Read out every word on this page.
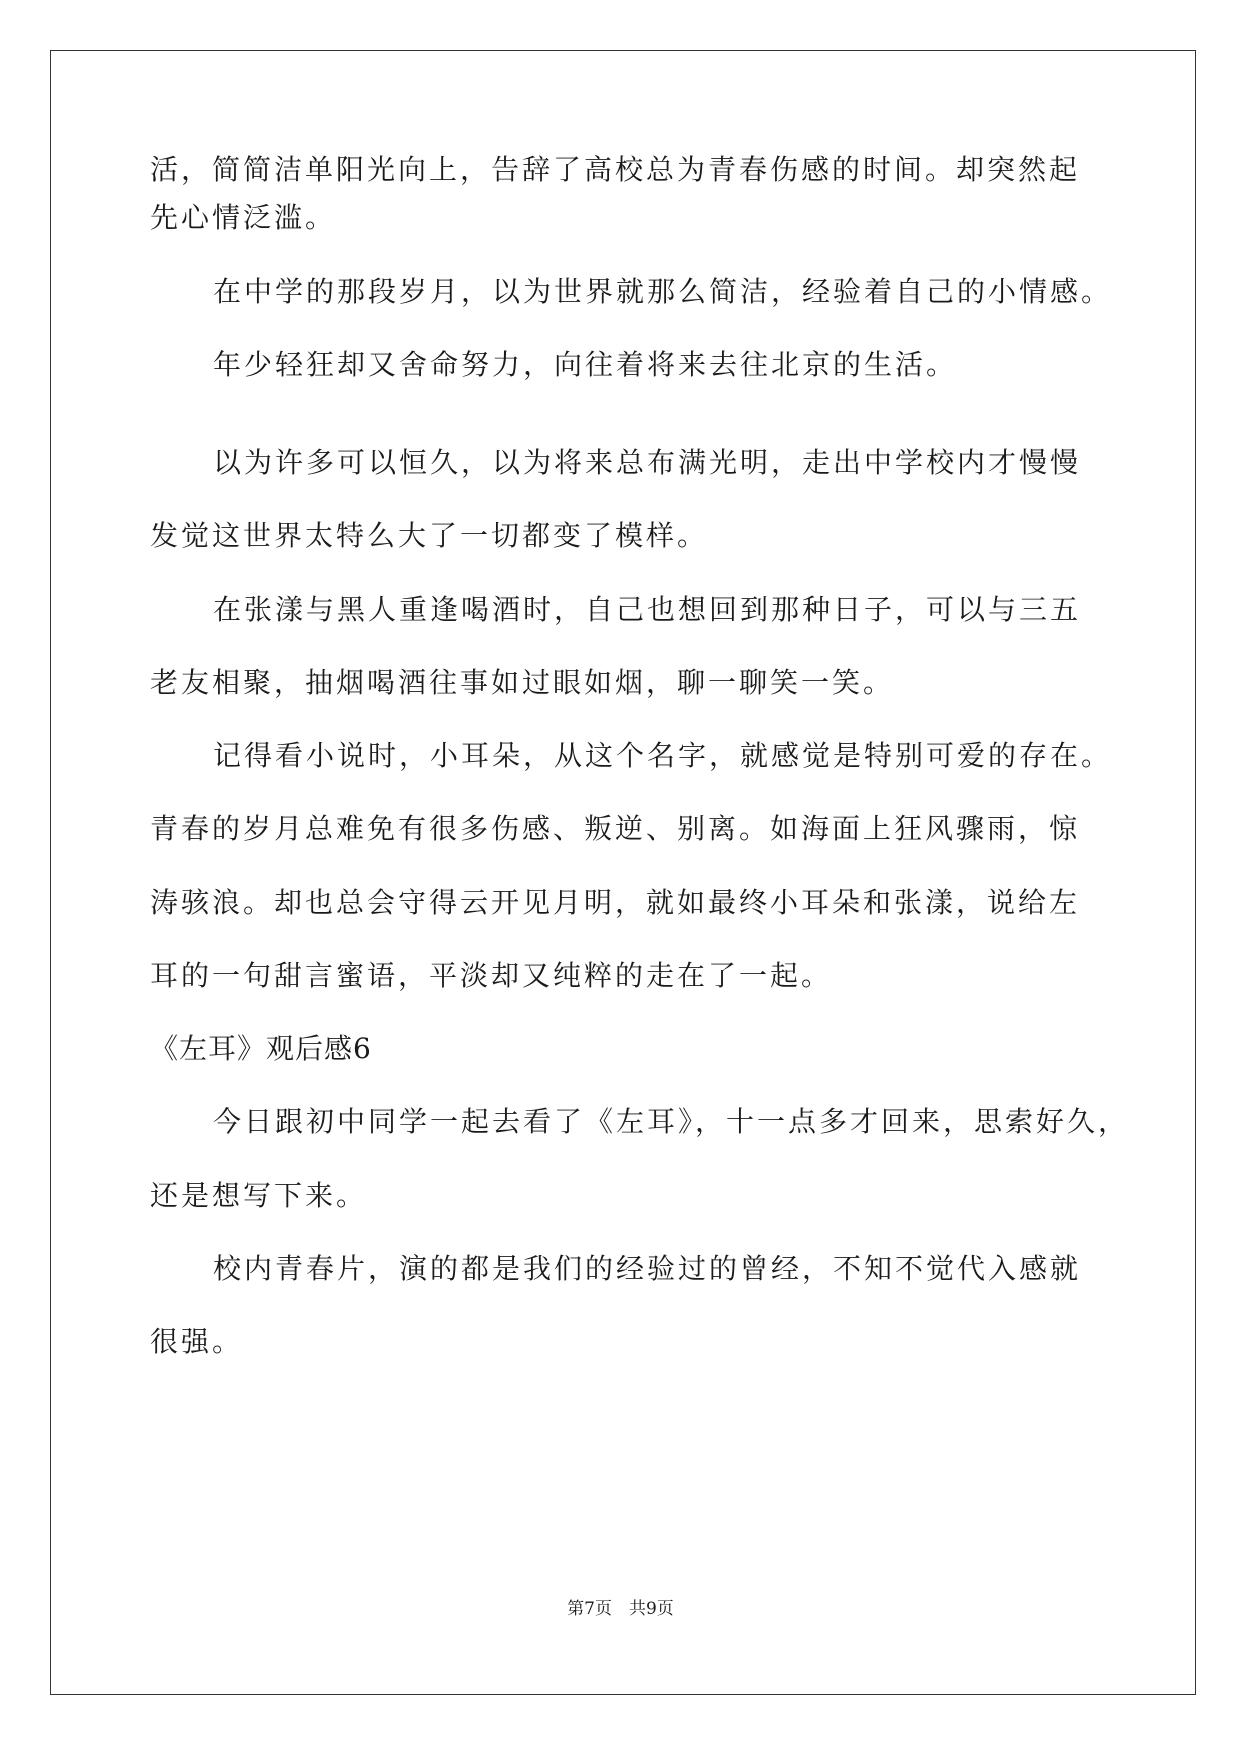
活，简简洁单阳光向上，告辞了高校总为青春伤感的时间。却突然起
先心情泛滥。
在中学的那段岁月，以为世界就那么简洁，经验着自己的小情感。
年少轻狂却又舍命努力，向往着将来去往北京的生活。
以为许多可以恒久，以为将来总布满光明，走出中学校内才慢慢
发觉这世界太特么大了一切都变了模样。
在张漾与黑人重逢喝酒时，自己也想回到那种日子，可以与三五
老友相聚，抽烟喝酒往事如过眼如烟，聊一聊笑一笑。
记得看小说时，小耳朵，从这个名字，就感觉是特别可爱的存在。
青春的岁月总难免有很多伤感、叛逆、别离。如海面上狂风骤雨，惊
涛骇浪。却也总会守得云开见月明，就如最终小耳朵和张漾，说给左
耳的一句甜言蜜语，平淡却又纯粹的走在了一起。
《左耳》观后感6
今日跟初中同学一起去看了《左耳》，十一点多才回来，思索好久，
还是想写下来。
校内青春片，演的都是我们的经验过的曾经，不知不觉代入感就
很强。
第7页　共9页
